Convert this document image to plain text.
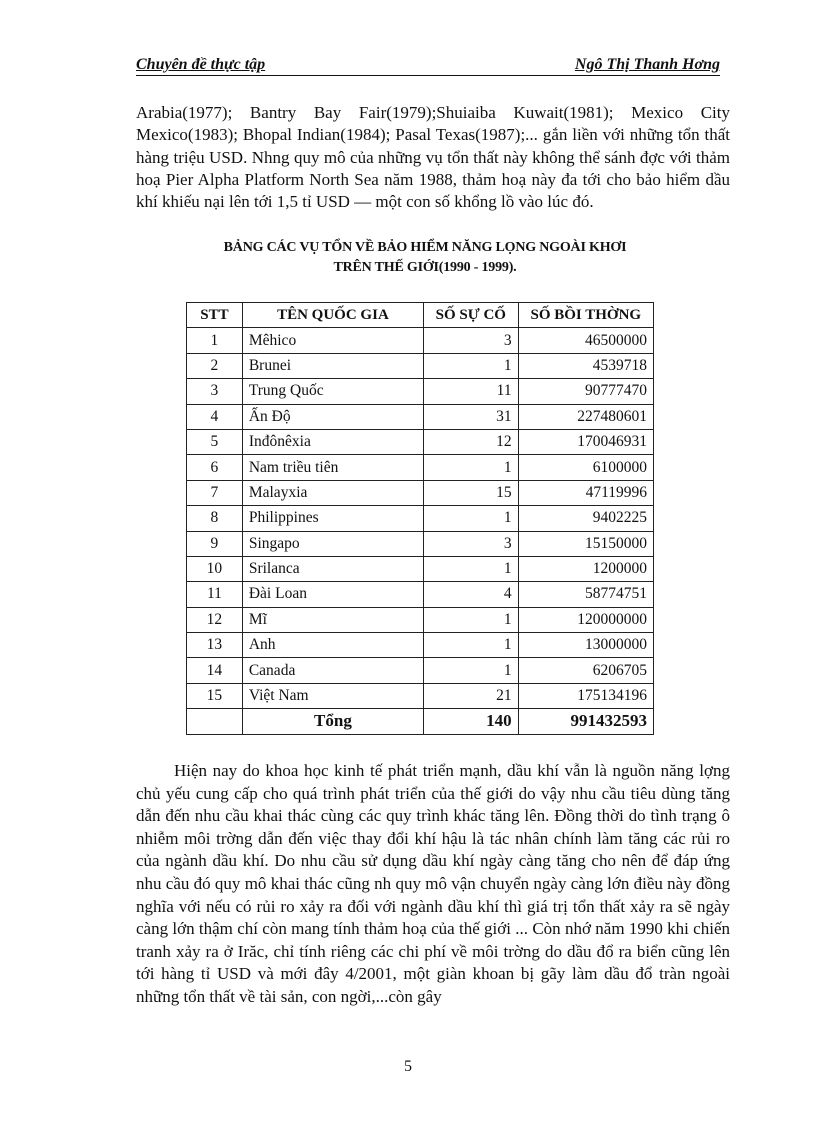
Chuyên đề thực tập	Ngô Thị Thanh Hơng

Arabia(1977); Bantry Bay Fair(1979);Shuiaiba Kuwait(1981); Mexico City Mexico(1983); Bhopal Indian(1984); Pasal Texas(1987);... gắn liền với những tổn thất hàng triệu USD. Nhng quy mô của những vụ tổn thất này không thể sánh đợc với thảm hoạ Pier Alpha Platform North Sea năm 1988, thảm hoạ này đa tới cho bảo hiểm dầu khí khiếu nại lên tới 1,5 tỉ USD — một con số khổng lồ vào lúc đó.

BẢNG CÁC VỤ TỔN VỀ BẢO HIỂM NĂNG LỌNG NGOÀI KHƠI
TRÊN THẾ GIỚI(1990 - 1999).
STT	TÊN QUỐC GIA	SỐ SỰ CỐ	SỐ BỒI THỜNG
1	Mêhico	3	46500000
2	Brunei	1	4539718
3	Trung Quốc	11	90777470
4	Ấn Độ	31	227480601
5	Inđônêxia	12	170046931
6	Nam triều tiên	1	6100000
7	Malayxia	15	47119996
8	Philippines	1	9402225
9	Singapo	3	15150000
10	Srilanca	1	1200000
11	Đài Loan	4	58774751
12	Mĩ	1	120000000
13	Anh	1	13000000
14	Canada	1	6206705
15	Việt Nam	21	175134196
	Tổng	140	991432593

Hiện nay do khoa học kinh tế phát triển mạnh, dầu khí vẫn là nguồn năng lợng chủ yếu cung cấp cho quá trình phát triển của thế giới do vậy nhu cầu tiêu dùng tăng dẫn đến nhu cầu khai thác cùng các quy trình khác tăng lên. Đồng thời do tình trạng ô nhiễm môi trờng dẫn đến việc thay đổi khí hậu là tác nhân chính làm tăng các rủi ro của ngành dầu khí. Do nhu cầu sử dụng dầu khí ngày càng tăng cho nên để đáp ứng nhu cầu đó quy mô khai thác cũng nh quy mô vận chuyển ngày càng lớn điều này đồng nghĩa với nếu có rủi ro xảy ra đối với ngành dầu khí thì giá trị tổn thất xảy ra sẽ ngày càng lớn thậm chí còn mang tính thảm hoạ của thế giới ... Còn nhớ năm 1990 khi chiến tranh xảy ra ở Irăc, chỉ tính riêng các chi phí về môi trờng do dầu đổ ra biển cũng lên tới hàng tỉ USD và mới đây 4/2001, một giàn khoan bị gãy làm dầu đổ tràn ngoài những tổn thất về tài sản, con ngời,...còn gây

5
